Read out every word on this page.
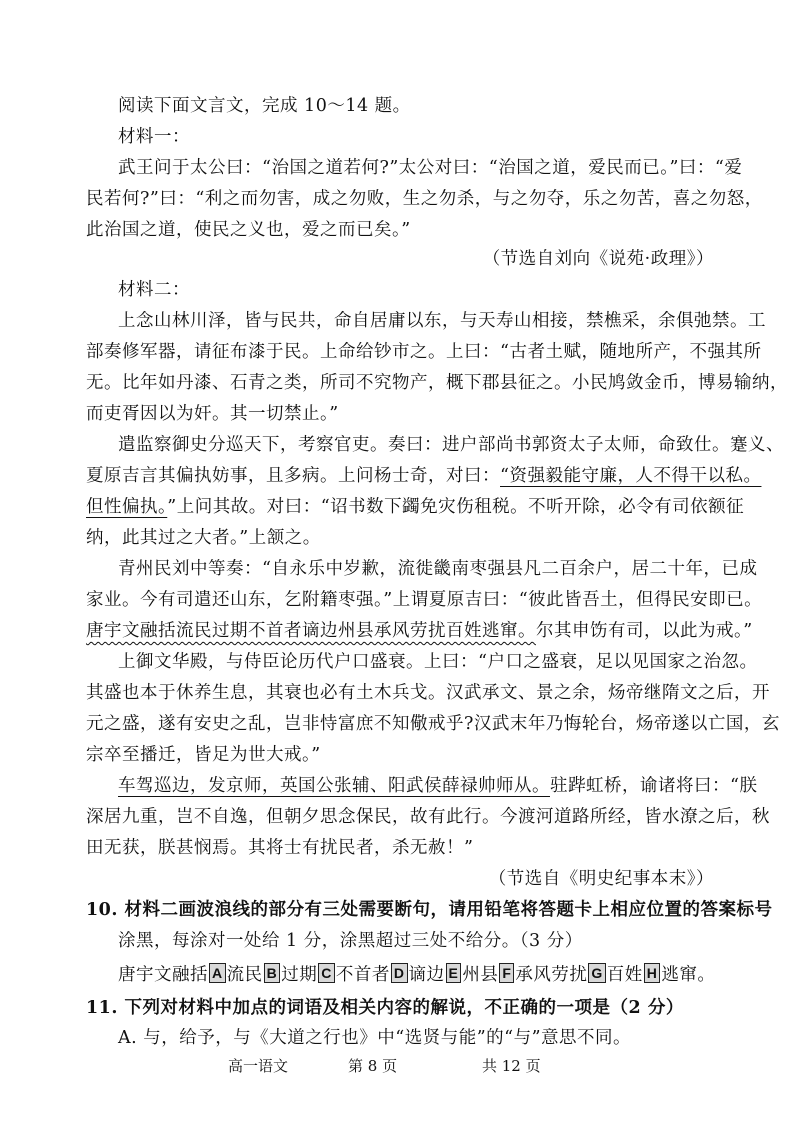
阅读下面文言文，完成 10～14 题。
材料一：
武王问于太公曰：“治国之道若何?”太公对曰：“治国之道，爱民而已。”曰：“爱
民若何?”曰：“利之而勿害，成之勿败，生之勿杀，与之勿夺，乐之勿苦，喜之勿怒，
此治国之道，使民之义也，爱之而已矣。”
（节选自刘向《说苑·政理》）
材料二：
上念山林川泽，皆与民共，命自居庸以东，与天寿山相接，禁樵采，余俱弛禁。工
部奏修军器，请征布漆于民。上命给钞市之。上曰：“古者土赋，随地所产，不强其所
无。比年如丹漆、石青之类，所司不究物产，概下郡县征之。小民鸠敛金币，博易输纳，
而吏胥因以为奸。其一切禁止。”
遣监察御史分巡天下，考察官吏。奏曰：进户部尚书郭资太子太师，命致仕。蹇义、
夏原吉言其偏执妨事，且多病。上问杨士奇，对曰：“资强毅能守廉，人不得干以私。
但性偏执。”上问其故。对曰：“诏书数下蠲免灾伤租税。不听开除，必令有司依额征
纳，此其过之大者。”上颔之。
青州民刘中等奏：“自永乐中岁歉，流徙畿南枣强县凡二百余户，居二十年，已成
家业。今有司遣还山东，乞附籍枣强。”上谓夏原吉曰：“彼此皆吾土，但得民安即已。
唐宇文融括流民过期不首者谪边州县承风劳扰百姓逃窜。尔其申饬有司，以此为戒。”
上御文华殿，与侍臣论历代户口盛衰。上曰：“户口之盛衰，足以见国家之治忽。
其盛也本于休养生息，其衰也必有土木兵戈。汉武承文、景之余，炀帝继隋文之后，开
元之盛，遂有安史之乱，岂非恃富庶不知儆戒乎?汉武末年乃悔轮台，炀帝遂以亡国，玄
宗卒至播迁，皆足为世大戒。”
车驾巡边，发京师，英国公张辅、阳武侯薛禄帅师从。驻跸虹桥，谕诸将曰：“朕
深居九重，岂不自逸，但朝夕思念保民，故有此行。今渡河道路所经，皆水潦之后，秋
田无获，朕甚悯焉。其将士有扰民者，杀无赦！”
（节选自《明史纪事本末》）
10. 材料二画波浪线的部分有三处需要断句，请用铅笔将答题卡上相应位置的答案标号
涂黑，每涂对一处给 1 分，涂黑超过三处不给分。（3 分）
唐宇文融括 A 流民 B 过期 C 不首者 D 谪边 E 州县 F 承风劳扰 G 百姓 H 逃窜。
11. 下列对材料中加点的词语及相关内容的解说，不正确的一项是（2 分）
A. 与，给予，与《大道之行也》中“选贤与能”的“与”意思不同。
高一语文	第 8 页	共 12 页
